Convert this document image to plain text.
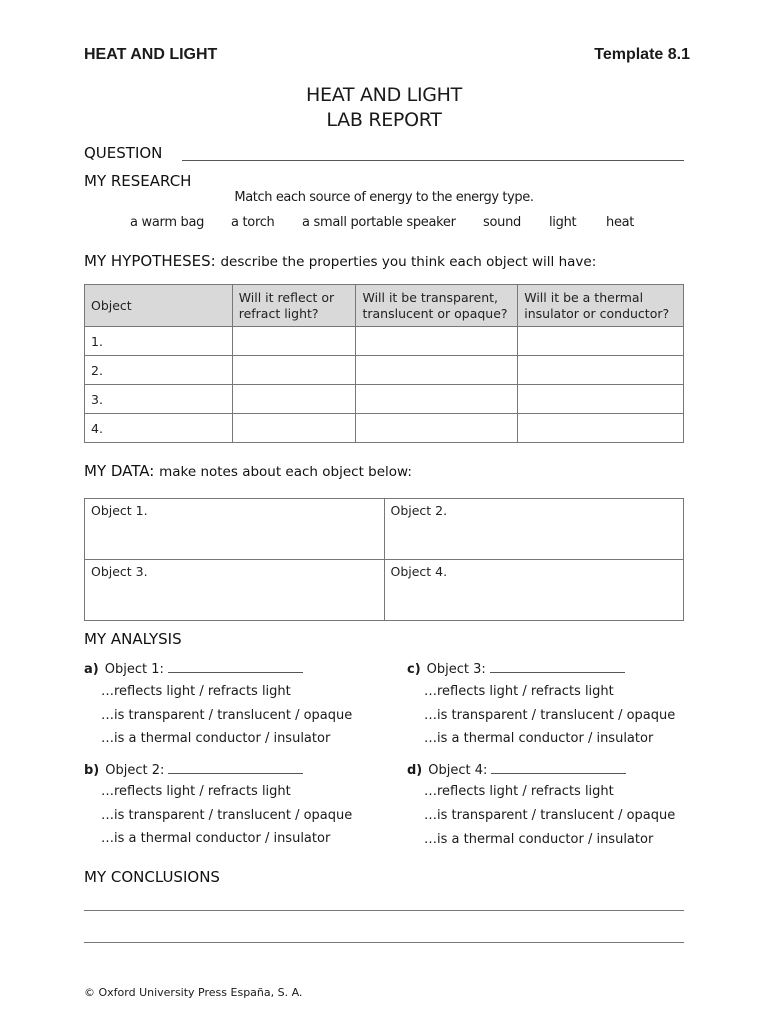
HEAT AND LIGHT	Template 8.1
HEAT AND LIGHT
LAB REPORT
QUESTION
MY RESEARCH
Match each source of energy to the energy type.
a warm bag a torch a small portable speaker sound light heat
MY HYPOTHESES: describe the properties you think each object will have:
Object	Will it reflect or refract light?	Will it be transparent, translucent or opaque?	Will it be a thermal insulator or conductor?
1.			
2.			
3.			
4.			
MY DATA: make notes about each object below:
Object 1.	Object 2.
Object 3.	Object 4.
MY ANALYSIS
a) Object 1:
…reflects light / refracts light
…is transparent / translucent / opaque
…is a thermal conductor / insulator
c) Object 3:
…reflects light / refracts light
…is transparent / translucent / opaque
…is a thermal conductor / insulator
b) Object 2:
…reflects light / refracts light
…is transparent / translucent / opaque
…is a thermal conductor / insulator
d) Object 4:
…reflects light / refracts light
…is transparent / translucent / opaque
…is a thermal conductor / insulator
MY CONCLUSIONS
© Oxford University Press España, S. A.
